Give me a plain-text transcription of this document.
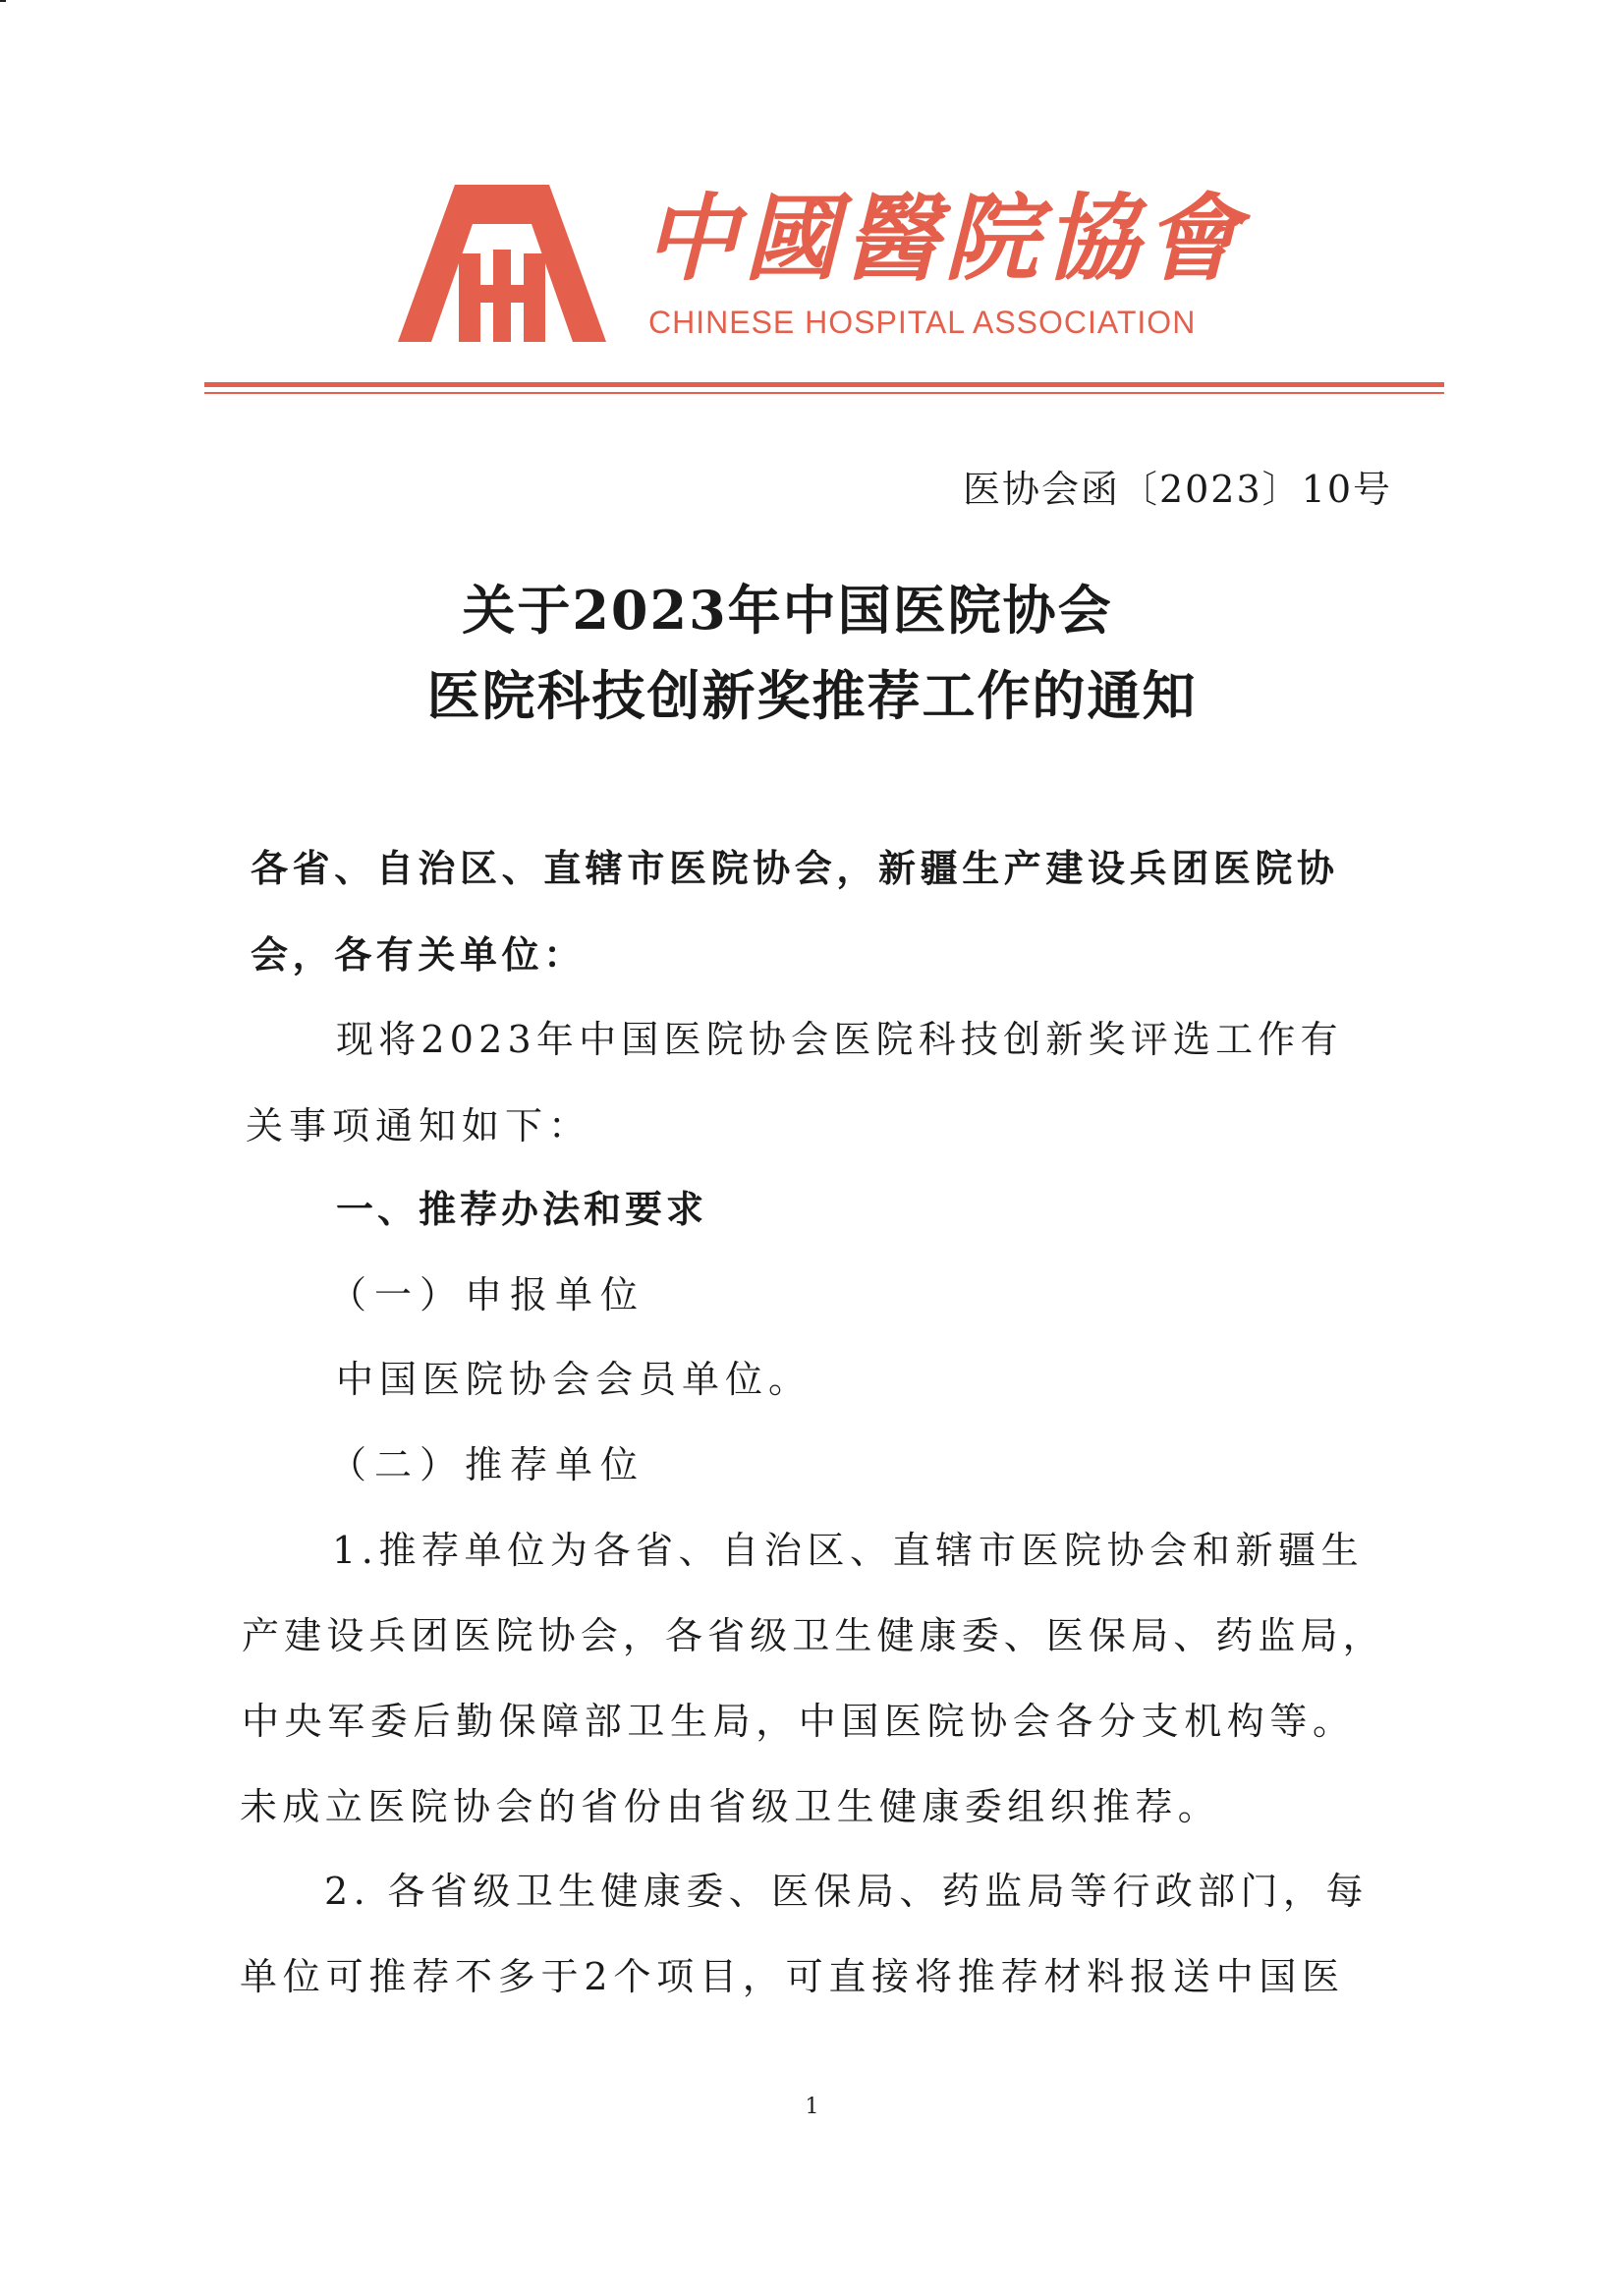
中國醫院協會
CHINESE HOSPITAL ASSOCIATION
医协会函〔2023〕10号
关于2023年中国医院协会
医院科技创新奖推荐工作的通知
各省、自治区、直辖市医院协会，新疆生产建设兵团医院协
会，各有关单位：
现将2023年中国医院协会医院科技创新奖评选工作有
关事项通知如下：
一、推荐办法和要求
（一）申报单位
中国医院协会会员单位。
（二）推荐单位
1.推荐单位为各省、自治区、直辖市医院协会和新疆生
产建设兵团医院协会，各省级卫生健康委、医保局、药监局，
中央军委后勤保障部卫生局，中国医院协会各分支机构等。
未成立医院协会的省份由省级卫生健康委组织推荐。
2. 各省级卫生健康委、医保局、药监局等行政部门，每
单位可推荐不多于2个项目，可直接将推荐材料报送中国医
1
